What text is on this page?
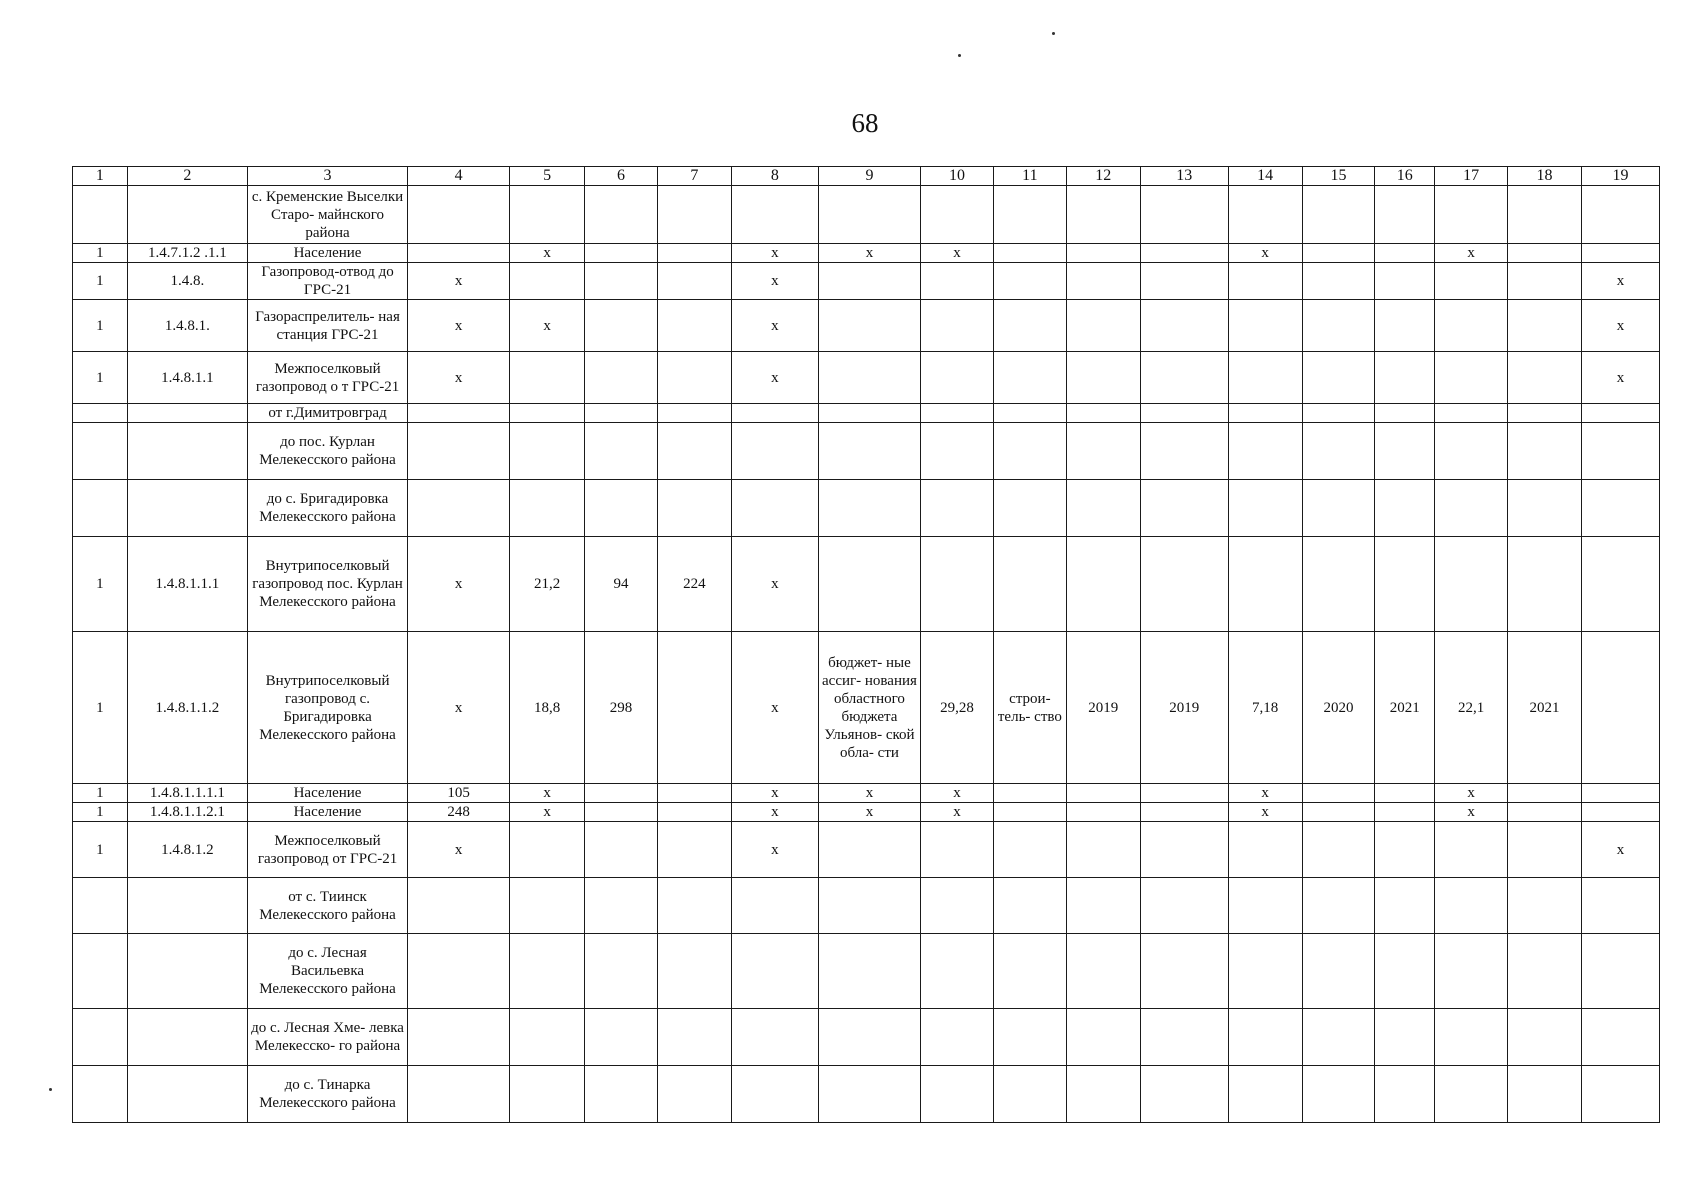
68
1	2	3	4	5	6	7	8	9	10	11	12	13	14	15	16	17	18	19
		с. Кременские Выселки Старо- майнского района																
1	1.4.7.1.2 .1.1	Население		х			х	х	х				х			х		
1	1.4.8.	Газопровод-отвод до ГРС-21	х				х											х
1	1.4.8.1.	Газораспрелитель- ная станция ГРС-21	х	х			х											х
1	1.4.8.1.1	Межпоселковый газопровод о т ГРС-21	х				х											х
		от г.Димитровград																
		до пос. Курлан Мелекесского района																
		до с. Бригадировка Мелекесского района																
1	1.4.8.1.1.1	Внутрипоселковый газопровод пос. Курлан Мелекесского района	х	21,2	94	224	х											
1	1.4.8.1.1.2	Внутрипоселковый газопровод с. Бригадировка Мелекесского района	х	18,8	298		х	бюджет- ные ассиг- нования областного бюджета Ульянов- ской обла- сти	29,28	строи- тель- ство	2019	2019	7,18	2020	2021	22,1	2021	
1	1.4.8.1.1.1.1	Население	105	х			х	х	х				х			х		
1	1.4.8.1.1.2.1	Население	248	х			х	х	х				х			х		
1	1.4.8.1.2	Межпоселковый газопровод от ГРС-21	х				х											х
		от с. Тиинск Мелекесского района																
		до с. Лесная Васильевка Мелекесского района																
		до с. Лесная Хме- левка Мелекесско- го района																
		до с. Тинарка Мелекесского района																
